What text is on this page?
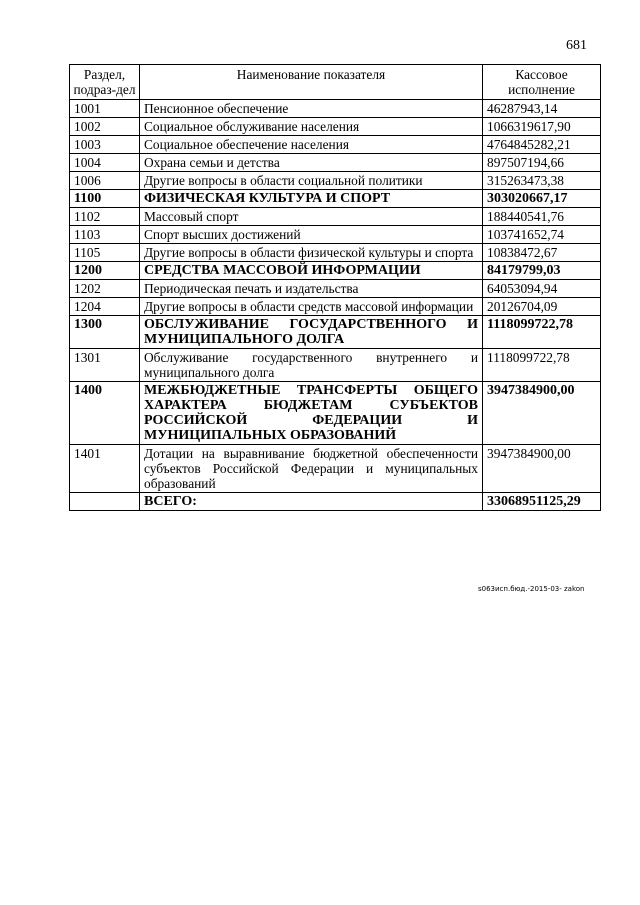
681
Раздел, подраз-дел	Наименование показателя	Кассовое исполнение
1001	Пенсионное обеспечение	46287943,14
1002	Социальное обслуживание населения	1066319617,90
1003	Социальное обеспечение населения	4764845282,21
1004	Охрана семьи и детства	897507194,66
1006	Другие вопросы в области социальной политики	315263473,38
1100	ФИЗИЧЕСКАЯ КУЛЬТУРА И СПОРТ	303020667,17
1102	Массовый спорт	188440541,76
1103	Спорт высших достижений	103741652,74
1105	Другие вопросы в области физической культуры и спорта	10838472,67
1200	СРЕДСТВА МАССОВОЙ ИНФОРМАЦИИ	84179799,03
1202	Периодическая печать и издательства	64053094,94
1204	Другие вопросы в области средств массовой информации	20126704,09
1300	ОБСЛУЖИВАНИЕ ГОСУДАРСТВЕННОГО И МУНИЦИПАЛЬНОГО ДОЛГА	1118099722,78
1301	Обслуживание государственного внутреннего и муниципального долга	1118099722,78
1400	МЕЖБЮДЖЕТНЫЕ ТРАНСФЕРТЫ ОБЩЕГО ХАРАКТЕРА БЮДЖЕТАМ СУБЪЕКТОВ РОССИЙСКОЙ ФЕДЕРАЦИИ И МУНИЦИПАЛЬНЫХ ОБРАЗОВАНИЙ	3947384900,00
1401	Дотации на выравнивание бюджетной обеспеченности субъектов Российской Федерации и муниципальных образований	3947384900,00
	ВСЕГО:	33068951125,29
s063исп.бюд.-2015-03- zakon
